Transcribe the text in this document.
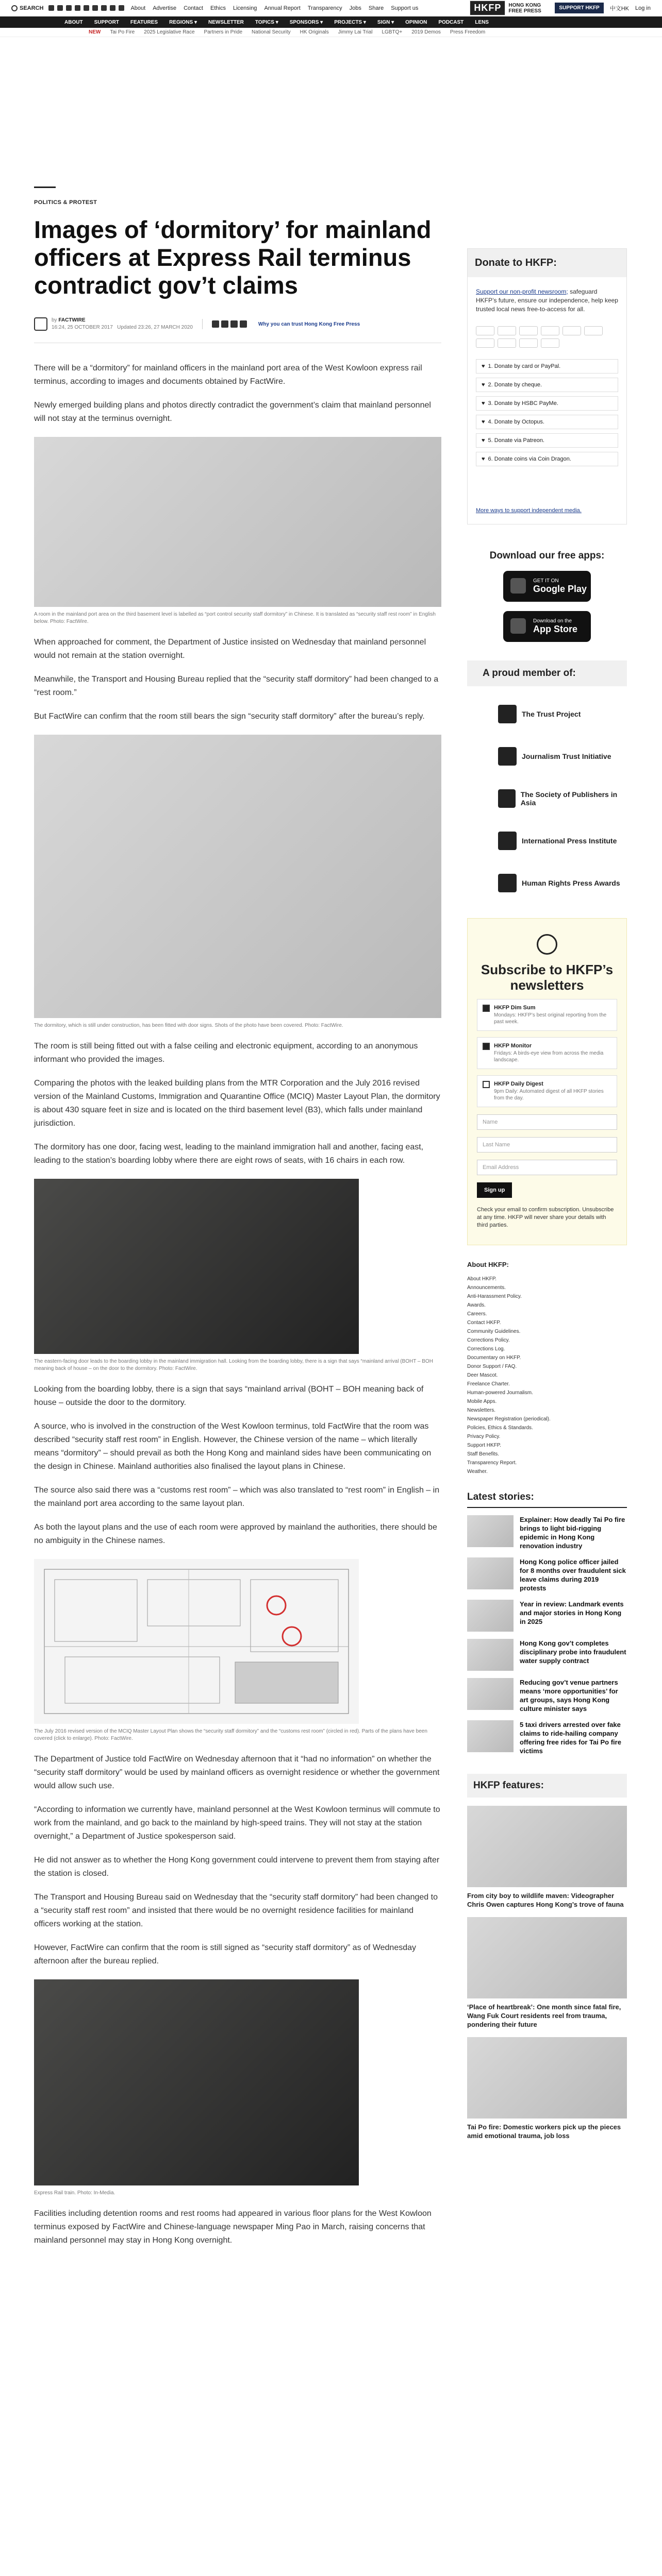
SEARCH	About Advertise Contact Ethics Licensing Annual Report Transparency Jobs Share Support us	HKFP	HONG KONG FREE PRESS	SUPPORT HKFP	中文HK Log in
ABOUT SUPPORT FEATURES REGIONS ▾ NEWSLETTER TOPICS ▾ SPONSORS ▾ PROJECTS ▾ SIGN ▾ OPINION PODCAST LENS
NEW Tai Po Fire 2025 Legislative Race Partners in Pride National Security HK Originals Jimmy Lai Trial LGBTQ+ 2019 Demos Press Freedom
POLITICS & PROTEST
Images of ‘dormitory’ for mainland officers at Express Rail terminus contradict gov’t claims
by FACTWIRE
16:24, 25 OCTOBER 2017 Updated 23:26, 27 MARCH 2020
Why you can trust Hong Kong Free Press

There will be a “dormitory” for mainland officers in the mainland port area of the West Kowloon express rail terminus, according to images and documents obtained by FactWire.

Newly emerged building plans and photos directly contradict the government’s claim that mainland personnel will not stay at the terminus overnight.

A room in the mainland port area on the third basement level is labelled as “port control security staff dormitory” in Chinese. It is translated as “security staff rest room” in English below. Photo: FactWire.

When approached for comment, the Department of Justice insisted on Wednesday that mainland personnel would not remain at the station overnight.

Meanwhile, the Transport and Housing Bureau replied that the “security staff dormitory” had been changed to a “rest room.”

But FactWire can confirm that the room still bears the sign “security staff dormitory” after the bureau’s reply.

The dormitory, which is still under construction, has been fitted with door signs. Shots of the photo have been covered. Photo: FactWire.

The room is still being fitted out with a false ceiling and electronic equipment, according to an anonymous informant who provided the images.

Comparing the photos with the leaked building plans from the MTR Corporation and the July 2016 revised version of the Mainland Customs, Immigration and Quarantine Office (MCIQ) Master Layout Plan, the dormitory is about 430 square feet in size and is located on the third basement level (B3), which falls under mainland jurisdiction.

The dormitory has one door, facing west, leading to the mainland immigration hall and another, facing east, leading to the station’s boarding lobby where there are eight rows of seats, with 16 chairs in each row.

The eastern-facing door leads to the boarding lobby in the mainland immigration hall. Looking from the boarding lobby, there is a sign that says “mainland arrival (BOHT – BOH meaning back of house – on the door to the dormitory. Photo: FactWire.

Looking from the boarding lobby, there is a sign that says “mainland arrival (BOHT – BOH meaning back of house – outside the door to the dormitory.

A source, who is involved in the construction of the West Kowloon terminus, told FactWire that the room was described “security staff rest room” in English. However, the Chinese version of the name – which literally means “dormitory” – should prevail as both the Hong Kong and mainland sides have been communicating on the design in Chinese. Mainland authorities also finalised the layout plans in Chinese.

The source also said there was a “customs rest room” – which was also translated to “rest room” in English – in the mainland port area according to the same layout plan.

As both the layout plans and the use of each room were approved by mainland the authorities, there should be no ambiguity in the Chinese names.

The July 2016 revised version of the MCIQ Master Layout Plan shows the “security staff dormitory” and the “customs rest room” (circled in red). Parts of the plans have been covered (click to enlarge). Photo: FactWire.

The Department of Justice told FactWire on Wednesday afternoon that it “had no information” on whether the “security staff dormitory” would be used by mainland officers as overnight residence or whether the government would allow such use.

“According to information we currently have, mainland personnel at the West Kowloon terminus will commute to work from the mainland, and go back to the mainland by high-speed trains. They will not stay at the station overnight,” a Department of Justice spokesperson said.

He did not answer as to whether the Hong Kong government could intervene to prevent them from staying after the station is closed.

The Transport and Housing Bureau said on Wednesday that the “security staff dormitory” had been changed to a “security staff rest room” and insisted that there would be no overnight residence facilities for mainland officers working at the station.

However, FactWire can confirm that the room is still signed as “security staff dormitory” as of Wednesday afternoon after the bureau replied.

Express Rail train. Photo: In-Media.

Facilities including detention rooms and rest rooms had appeared in various floor plans for the West Kowloon terminus exposed by FactWire and Chinese-language newspaper Ming Pao in March, raising concerns that mainland personnel may stay in Hong Kong overnight.

Donate to HKFP:
Support our non-profit newsroom; safeguard HKFP’s future, ensure our independence, help keep trusted local news free-to-access for all.
♥ 1. Donate by card or PayPal.
♥ 2. Donate by cheque.
♥ 3. Donate by HSBC PayMe.
♥ 4. Donate by Octopus.
♥ 5. Donate via Patreon.
♥ 6. Donate coins via Coin Dragon.
More ways to support independent media.
Download our free apps:
GET IT ON
Google Play
Download on the
App Store
A proud member of:
The Trust Project
Journalism Trust Initiative
The Society of Publishers in Asia
International Press Institute
Human Rights Press Awards
Subscribe to HKFP’s newsletters
HKFP Dim Sum
Mondays: HKFP’s best original reporting from the past week.
HKFP Monitor
Fridays: A birds-eye view from across the media landscape.
HKFP Daily Digest
9pm Daily: Automated digest of all HKFP stories from the day.
Name
Last Name
Email Address
Sign up
Check your email to confirm subscription. Unsubscribe at any time. HKFP will never share your details with third parties.
About HKFP:
About HKFP.
Announcements.
Anti-Harassment Policy.
Awards.
Careers.
Contact HKFP.
Community Guidelines.
Corrections Policy.
Corrections Log.
Documentary on HKFP.
Donor Support / FAQ.
Deer Mascot.
Freelance Charter.
Human-powered Journalism.
Mobile Apps.
Newsletters.
Newspaper Registration (periodical).
Policies, Ethics & Standards.
Privacy Policy.
Support HKFP.
Staff Benefits.
Transparency Report.
Weather.
Latest stories:
Explainer: How deadly Tai Po fire brings to light bid-rigging epidemic in Hong Kong renovation industry
Hong Kong police officer jailed for 8 months over fraudulent sick leave claims during 2019 protests
Year in review: Landmark events and major stories in Hong Kong in 2025
Hong Kong gov’t completes disciplinary probe into fraudulent water supply contract
Reducing gov’t venue partners means ‘more opportunities’ for art groups, says Hong Kong culture minister says
5 taxi drivers arrested over fake claims to ride-hailing company offering free rides for Tai Po fire victims
HKFP features:
From city boy to wildlife maven: Videographer Chris Owen captures Hong Kong’s trove of fauna
‘Place of heartbreak’: One month since fatal fire, Wang Fuk Court residents reel from trauma, pondering their future
Tai Po fire: Domestic workers pick up the pieces amid emotional trauma, job loss
